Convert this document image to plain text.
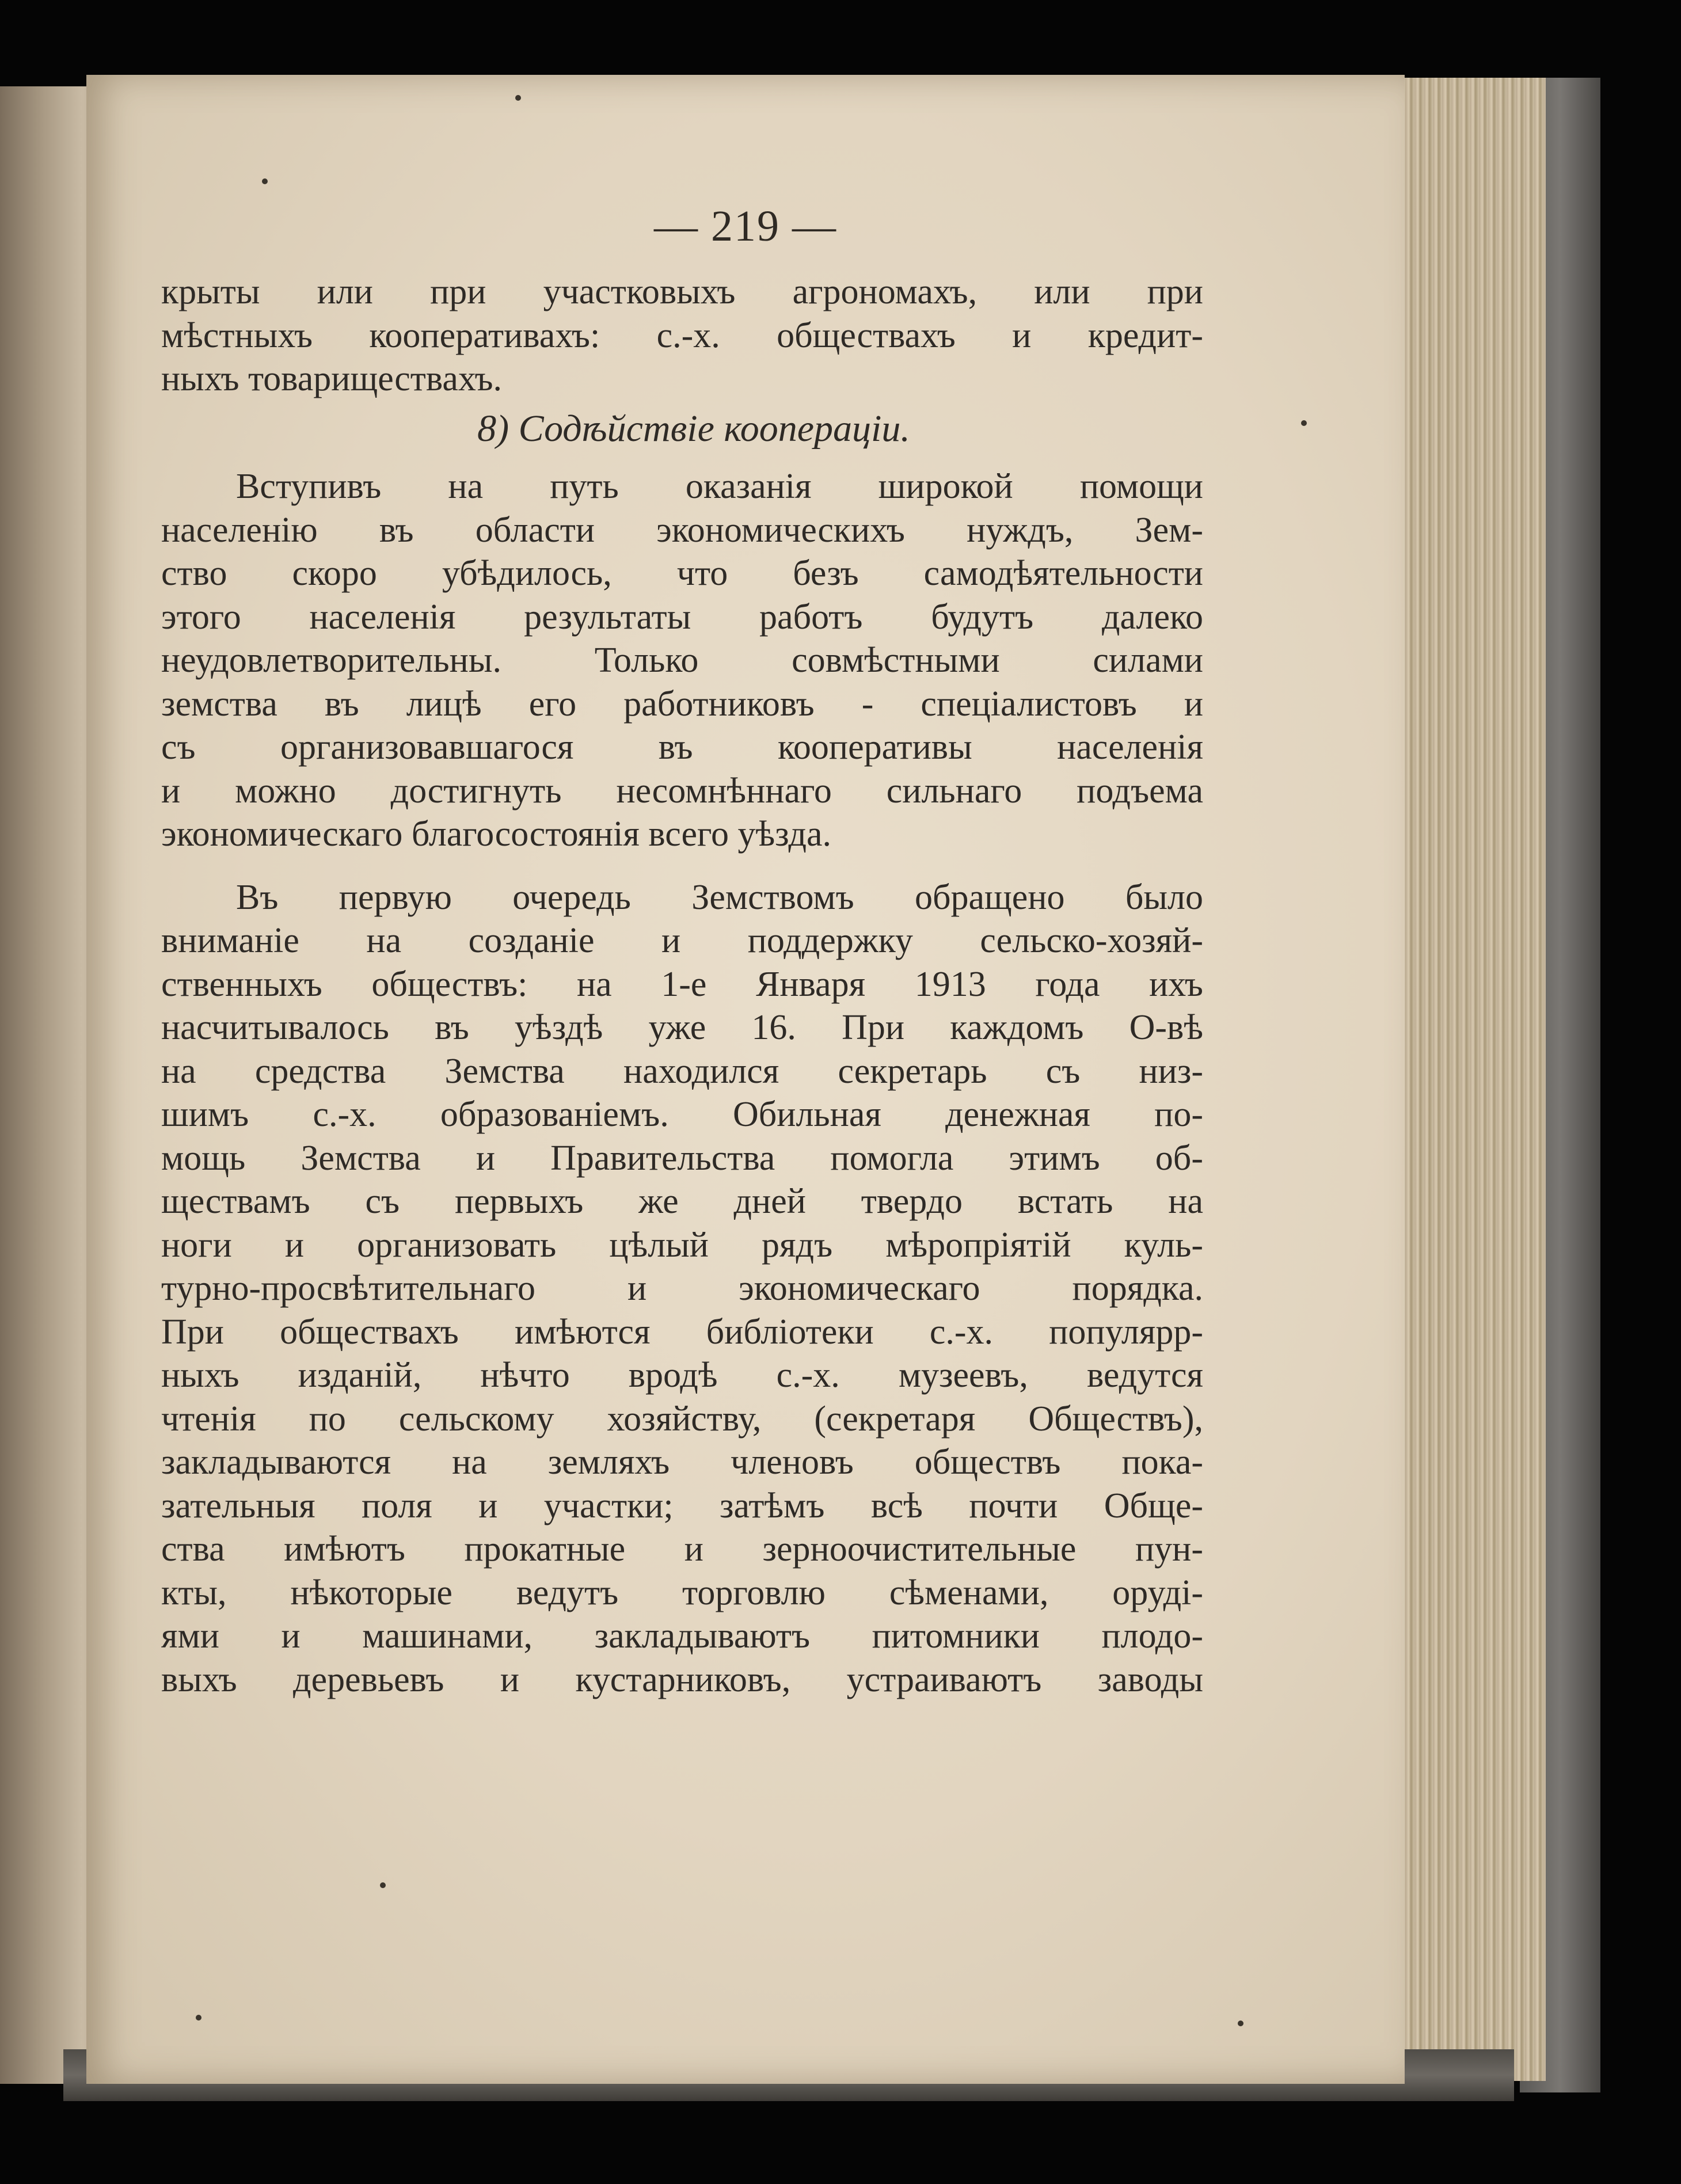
— 219 —
крыты или при участковыхъ агрономахъ, или при
мѣстныхъ кооперативахъ: с.-х. обществахъ и кредит-
ныхъ товариществахъ.
8) Содѣйствіе коопераціи.
Вступивъ на путь оказанія широкой помощи
населенію въ области экономическихъ нуждъ, Зем-
ство скоро убѣдилось, что безъ самодѣятельности
этого населенія результаты работъ будутъ далеко
неудовлетворительны. Только совмѣстными силами
земства въ лицѣ его работниковъ - спеціалистовъ и
съ организовавшагося въ кооперативы населенія
и можно достигнуть несомнѣннаго сильнаго подъема
экономическаго благосостоянія всего уѣзда.
Въ первую очередь Земствомъ обращено было
вниманіе на созданіе и поддержку сельско-хозяй-
ственныхъ обществъ: на 1-е Января 1913 года ихъ
насчитывалось въ уѣздѣ уже 16. При каждомъ О-вѣ
на средства Земства находился секретарь съ низ-
шимъ с.-х. образованіемъ. Обильная денежная по-
мощь Земства и Правительства помогла этимъ об-
ществамъ съ первыхъ же дней твердо встать на
ноги и организовать цѣлый рядъ мѣропріятій куль-
турно-просвѣтительнаго и экономическаго порядка.
При обществахъ имѣются библіотеки с.-х. популярр-
ныхъ изданій, нѣчто вродѣ с.-х. музеевъ, ведутся
чтенія по сельскому хозяйству, (секретаря Обществъ),
закладываются на земляхъ членовъ обществъ пока-
зательныя поля и участки; затѣмъ всѣ почти Обще-
ства имѣютъ прокатные и зерноочистительные пун-
кты, нѣкоторые ведутъ торговлю сѣменами, оруді-
ями и машинами, закладываютъ питомники плодо-
выхъ деревьевъ и кустарниковъ, устраиваютъ заводы
